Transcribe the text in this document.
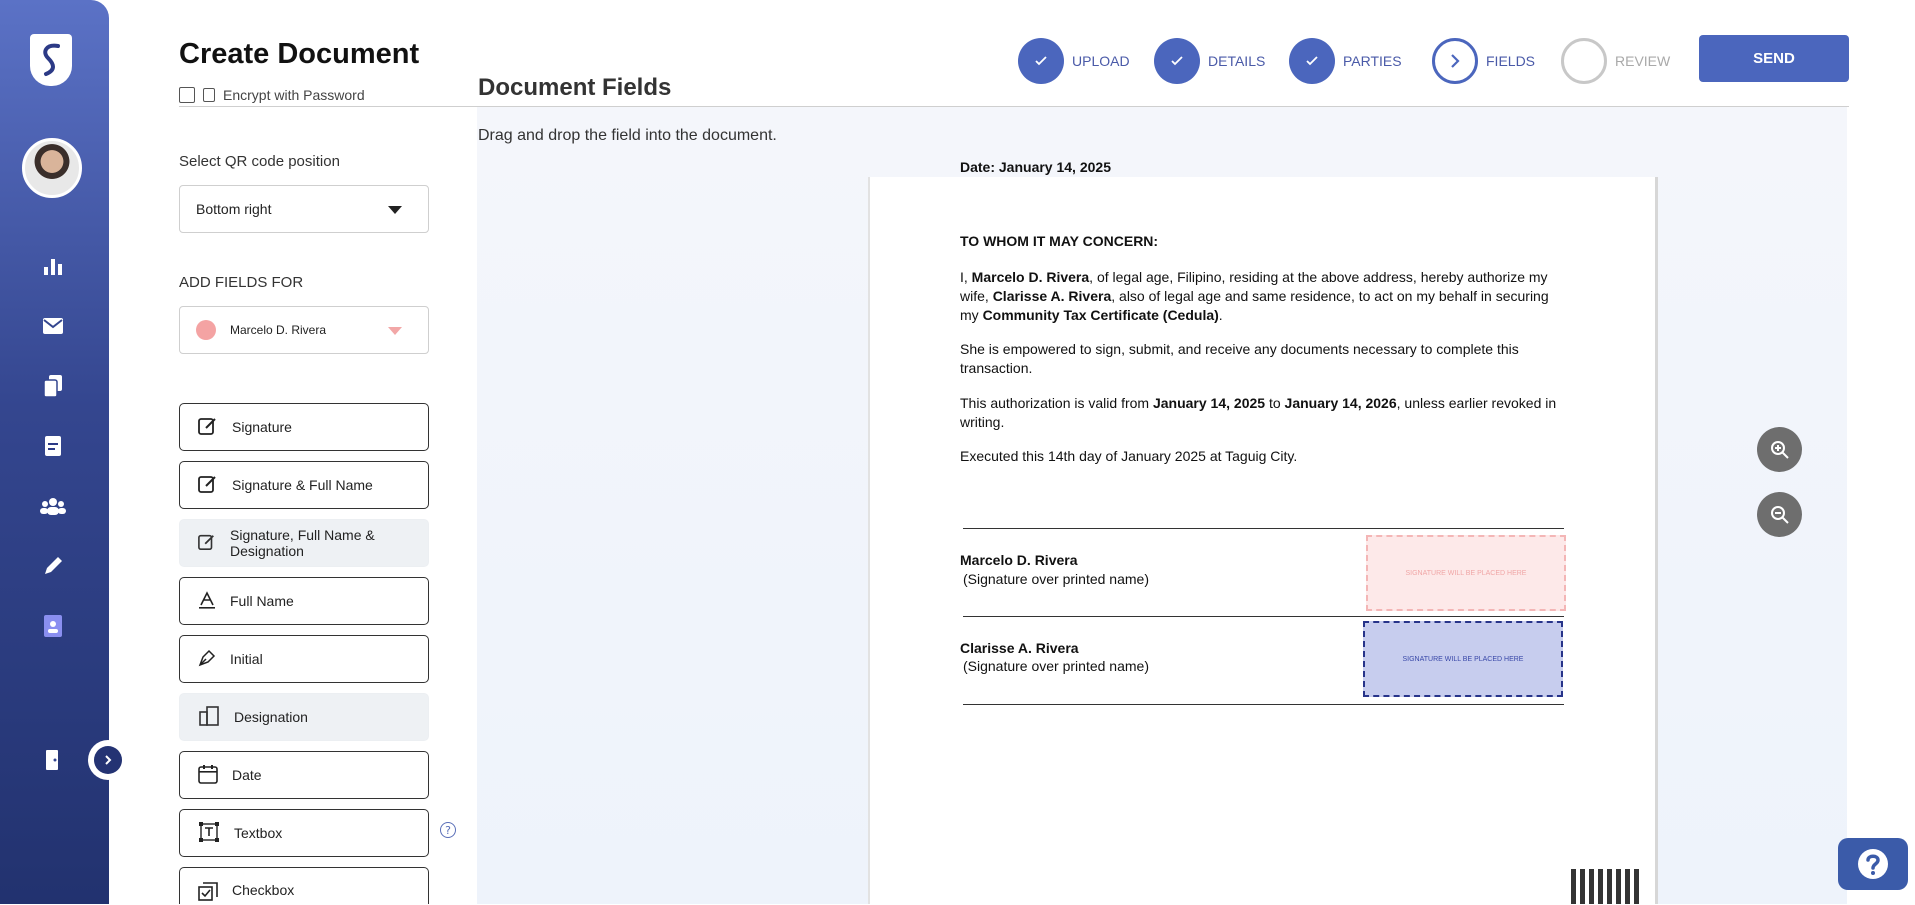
Create Document	UPLOAD	DETAILS	PARTIES	FIELDS	REVIEW	SEND
Encrypt with Password
Select QR code position
Bottom right
ADD FIELDS FOR
Marcelo D. Rivera
Signature
Signature & Full Name
Signature, Full Name & Designation
Full Name
Initial
Designation
Date
Textbox	?
Checkbox
Document Fields
Drag and drop the field into the document.
Date: January 14, 2025
TO WHOM IT MAY CONCERN:
I, Marcelo D. Rivera, of legal age, Filipino, residing at the above address, hereby authorize my wife, Clarisse A. Rivera, also of legal age and same residence, to act on my behalf in securing my Community Tax Certificate (Cedula).
She is empowered to sign, submit, and receive any documents necessary to complete this transaction.
This authorization is valid from January 14, 2025 to January 14, 2026, unless earlier revoked in writing.
Executed this 14th day of January 2025 at Taguig City.
Marcelo D. Rivera
(Signature over printed name)	SIGNATURE WILL BE PLACED HERE
Clarisse A. Rivera
(Signature over printed name)	SIGNATURE WILL BE PLACED HERE
